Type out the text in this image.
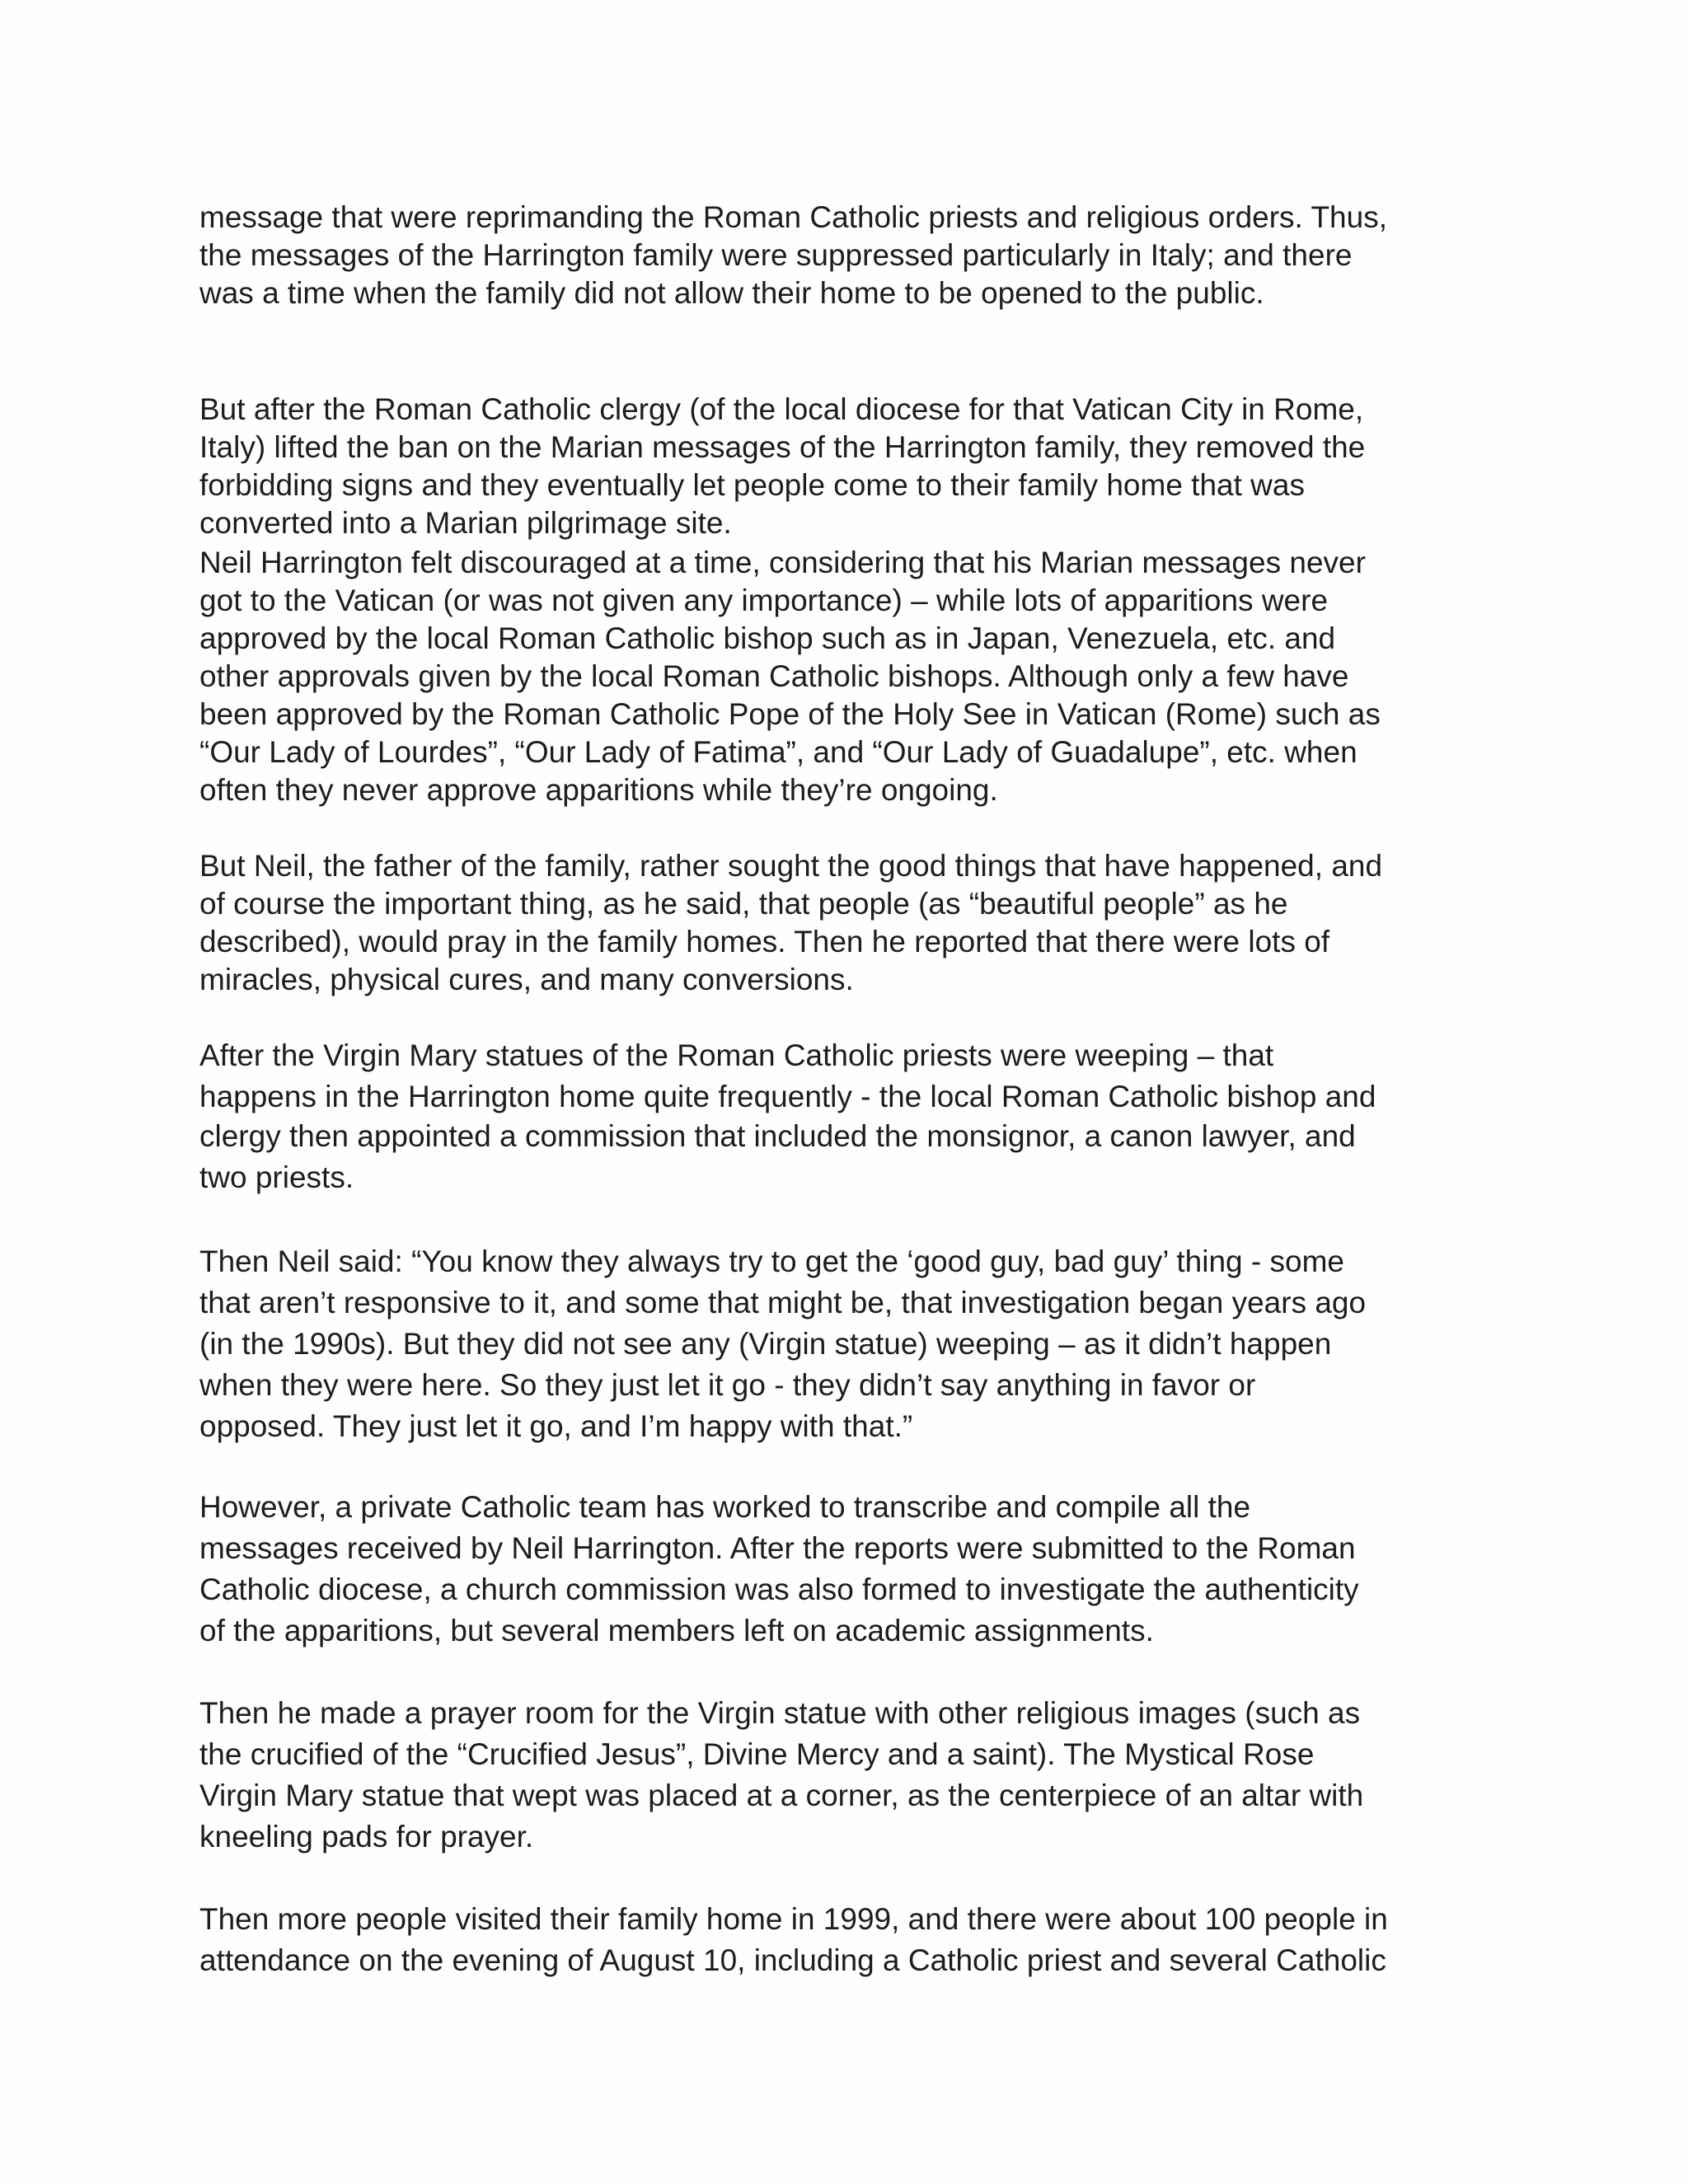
message that were reprimanding the Roman Catholic priests and religious orders. Thus,

the messages of the Harrington family were suppressed particularly in Italy; and there

was a time when the family did not allow their home to be opened to the public.

But after the Roman Catholic clergy (of the local diocese for that Vatican City in Rome,

Italy) lifted the ban on the Marian messages of the Harrington family, they removed the

forbidding signs and they eventually let people come to their family home that was

converted into a Marian pilgrimage site.

Neil Harrington felt discouraged at a time, considering that his Marian messages never

got to the Vatican (or was not given any importance) – while lots of apparitions were

approved by the local Roman Catholic bishop such as in Japan, Venezuela, etc. and

other approvals given by the local Roman Catholic bishops. Although only a few have

been approved by the Roman Catholic Pope of the Holy See in Vatican (Rome) such as

“Our Lady of Lourdes”, “Our Lady of Fatima”, and “Our Lady of Guadalupe”, etc. when

often they never approve apparitions while they’re ongoing.

But Neil, the father of the family, rather sought the good things that have happened, and

of course the important thing, as he said, that people (as “beautiful people” as he

described), would pray in the family homes. Then he reported that there were lots of

miracles, physical cures, and many conversions.

After the Virgin Mary statues of the Roman Catholic priests were weeping – that

happens in the Harrington home quite frequently - the local Roman Catholic bishop and

clergy then appointed a commission that included the monsignor, a canon lawyer, and

two priests.

Then Neil said: “You know they always try to get the ‘good guy, bad guy’ thing - some

that aren’t responsive to it, and some that might be, that investigation began years ago

(in the 1990s). But they did not see any (Virgin statue) weeping – as it didn’t happen

when they were here. So they just let it go - they didn’t say anything in favor or

opposed. They just let it go, and I’m happy with that.”

However, a private Catholic team has worked to transcribe and compile all the

messages received by Neil Harrington. After the reports were submitted to the Roman

Catholic diocese, a church commission was also formed to investigate the authenticity

of the apparitions, but several members left on academic assignments.

Then he made a prayer room for the Virgin statue with other religious images (such as

the crucified of the “Crucified Jesus”, Divine Mercy and a saint). The Mystical Rose

Virgin Mary statue that wept was placed at a corner, as the centerpiece of an altar with

kneeling pads for prayer.

Then more people visited their family home in 1999, and there were about 100 people in

attendance on the evening of August 10, including a Catholic priest and several Catholic
